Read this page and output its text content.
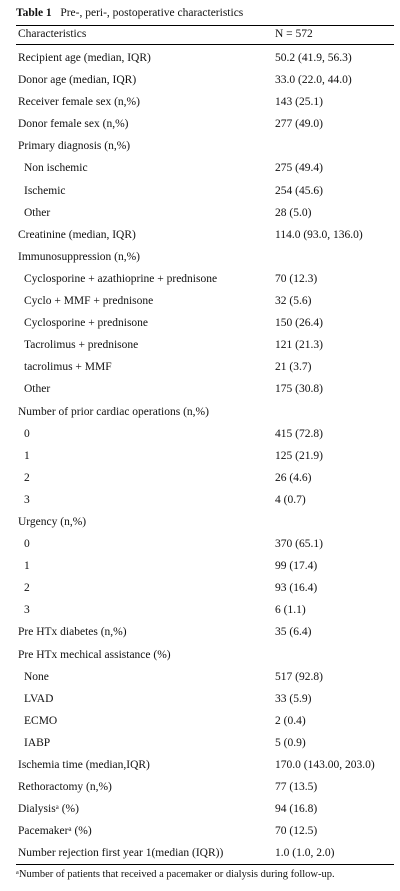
Table 1 Pre-, peri-, postoperative characteristics
Characteristics	N = 572
Recipient age (median, IQR)	50.2 (41.9, 56.3)
Donor age (median, IQR)	33.0 (22.0, 44.0)
Receiver female sex (n,%)	143 (25.1)
Donor female sex (n,%)	277 (49.0)
Primary diagnosis (n,%)
Non ischemic	275 (49.4)
Ischemic	254 (45.6)
Other	28 (5.0)
Creatinine (median, IQR)	114.0 (93.0, 136.0)
Immunosuppression (n,%)
Cyclosporine + azathioprine + prednisone	70 (12.3)
Cyclo + MMF + prednisone	32 (5.6)
Cyclosporine + prednisone	150 (26.4)
Tacrolimus + prednisone	121 (21.3)
tacrolimus + MMF	21 (3.7)
Other	175 (30.8)
Number of prior cardiac operations (n,%)
0	415 (72.8)
1	125 (21.9)
2	26 (4.6)
3	4 (0.7)
Urgency (n,%)
0	370 (65.1)
1	99 (17.4)
2	93 (16.4)
3	6 (1.1)
Pre HTx diabetes (n,%)	35 (6.4)
Pre HTx mechical assistance (%)
None	517 (92.8)
LVAD	33 (5.9)
ECMO	2 (0.4)
IABP	5 (0.9)
Ischemia time (median,IQR)	170.0 (143.00, 203.0)
Rethoractomy (n,%)	77 (13.5)
Dialysisᵃ (%)	94 (16.8)
Pacemakerᵃ (%)	70 (12.5)
Number rejection first year 1(median (IQR))	1.0 (1.0, 2.0)
ᵃNumber of patients that received a pacemaker or dialysis during follow-up.
